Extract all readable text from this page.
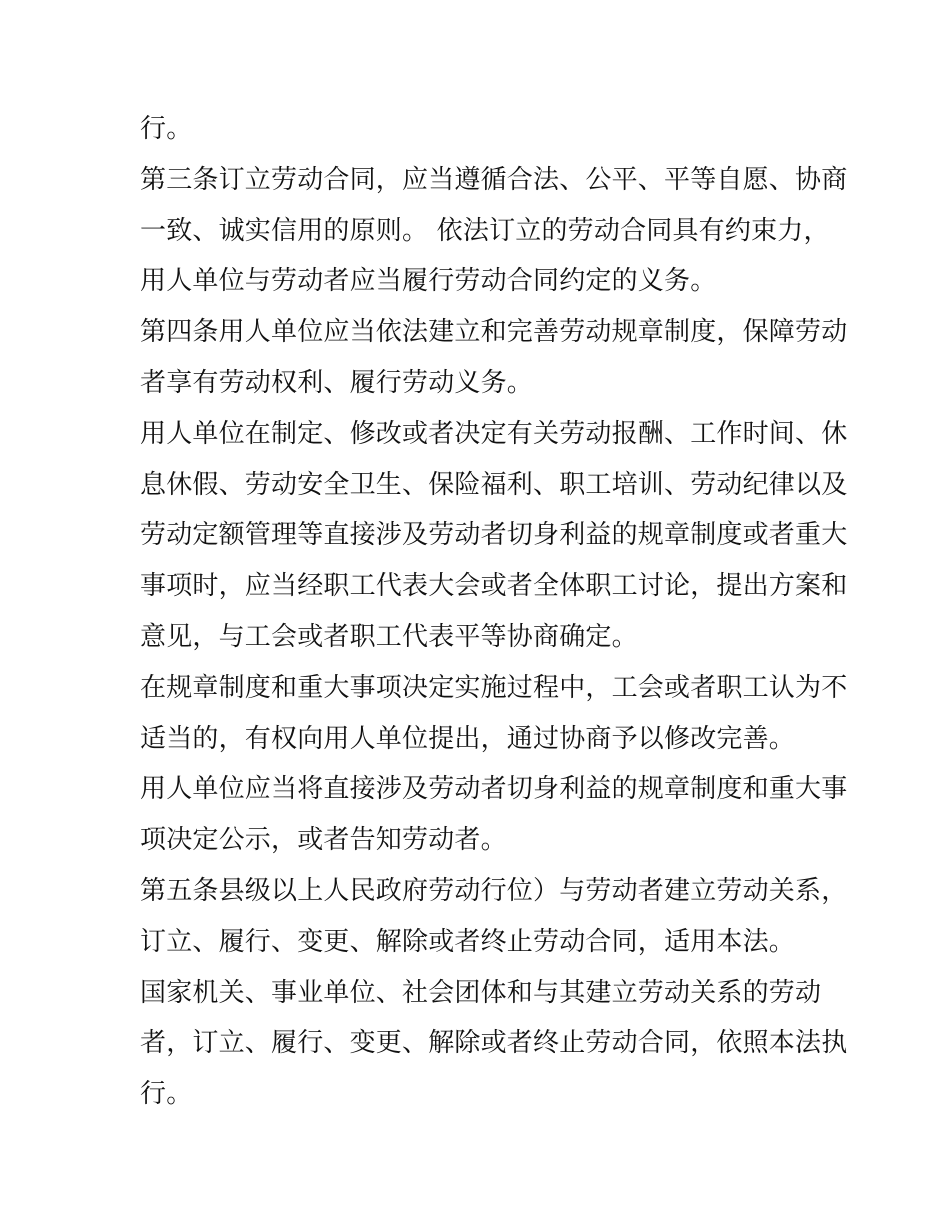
行。
第三条订立劳动合同，应当遵循合法、公平、平等自愿、协商
一致、诚实信用的原则。 依法订立的劳动合同具有约束力，
用人单位与劳动者应当履行劳动合同约定的义务。
第四条用人单位应当依法建立和完善劳动规章制度，保障劳动
者享有劳动权利、履行劳动义务。
用人单位在制定、修改或者决定有关劳动报酬、工作时间、休
息休假、劳动安全卫生、保险福利、职工培训、劳动纪律以及
劳动定额管理等直接涉及劳动者切身利益的规章制度或者重大
事项时，应当经职工代表大会或者全体职工讨论，提出方案和
意见，与工会或者职工代表平等协商确定。
在规章制度和重大事项决定实施过程中，工会或者职工认为不
适当的，有权向用人单位提出，通过协商予以修改完善。
用人单位应当将直接涉及劳动者切身利益的规章制度和重大事
项决定公示，或者告知劳动者。
第五条县级以上人民政府劳动行位）与劳动者建立劳动关系，
订立、履行、变更、解除或者终止劳动合同，适用本法。
国家机关、事业单位、社会团体和与其建立劳动关系的劳动
者，订立、履行、变更、解除或者终止劳动合同，依照本法执
行。
